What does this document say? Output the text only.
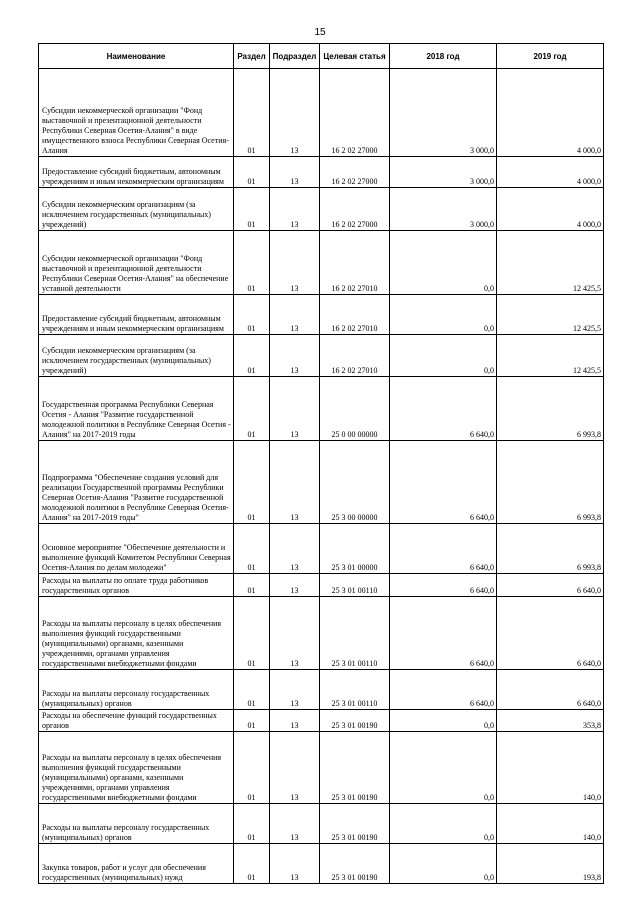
15
Наименование	Раздел	Подраздел	Целевая статья	2018 год	2019 год
Субсидии некоммерческой организации "Фонд выставочной и презентационной деятельности Республики Северная Осетия-Алания" в виде имущественного взноса Республики Северная Осетия-Алания	01	13	16 2 02 27000	3 000,0	4 000,0
Предоставление субсидий бюджетным, автономным учреждениям и иным некоммерческим организациям	01	13	16 2 02 27000	3 000,0	4 000,0
Субсидии некоммерческим организациям (за исключением государственных (муниципальных) учреждений)	01	13	16 2 02 27000	3 000,0	4 000,0
Субсидии некоммерческой организации "Фонд выставочной и презентационной деятельности Республики Северная Осетия-Алания" на обеспечение уставной деятельности	01	13	16 2 02 27010	0,0	12 425,5
Предоставление субсидий бюджетным, автономным учреждениям и иным некоммерческим организациям	01	13	16 2 02 27010	0,0	12 425,5
Субсидии некоммерческим организациям (за исключением государственных (муниципальных) учреждений)	01	13	16 2 02 27010	0,0	12 425,5
Государственная программа Республики Северная Осетия - Алания "Развитие государственной молодежной политики в Республике Северная Осетия - Алания" на 2017-2019 годы	01	13	25 0 00 00000	6 640,0	6 993,8
Подпрограмма "Обеспечение создания условий для реализации Государственной программы Республики Северная Осетия-Алания "Развитие государственной молодежной политики в Республике Северная Осетия-Алания" на 2017-2019 годы"	01	13	25 3 00 00000	6 640,0	6 993,8
Основное мероприятие "Обеспечение деятельности и выполнение функций Комитетом Республики Северная Осетия-Алания по делам молодежи"	01	13	25 3 01 00000	6 640,0	6 993,8
Расходы на выплаты по оплате труда работников государственных органов	01	13	25 3 01 00110	6 640,0	6 640,0
Расходы на выплаты персоналу в целях обеспечения выполнения функций государственными (муниципальными) органами, казенными учреждениями, органами управления государственными внебюджетными фондами	01	13	25 3 01 00110	6 640,0	6 640,0
Расходы на выплаты персоналу государственных (муниципальных) органов	01	13	25 3 01 00110	6 640,0	6 640,0
Расходы на обеспечение функций государственных органов	01	13	25 3 01 00190	0,0	353,8
Расходы на выплаты персоналу в целях обеспечения выполнения функций государственными (муниципальными) органами, казенными учреждениями, органами управления государственными внебюджетными фондами	01	13	25 3 01 00190	0,0	140,0
Расходы на выплаты персоналу государственных (муниципальных) органов	01	13	25 3 01 00190	0,0	140,0
Закупка товаров, работ и услуг для обеспечения государственных (муниципальных) нужд	01	13	25 3 01 00190	0,0	193,8
